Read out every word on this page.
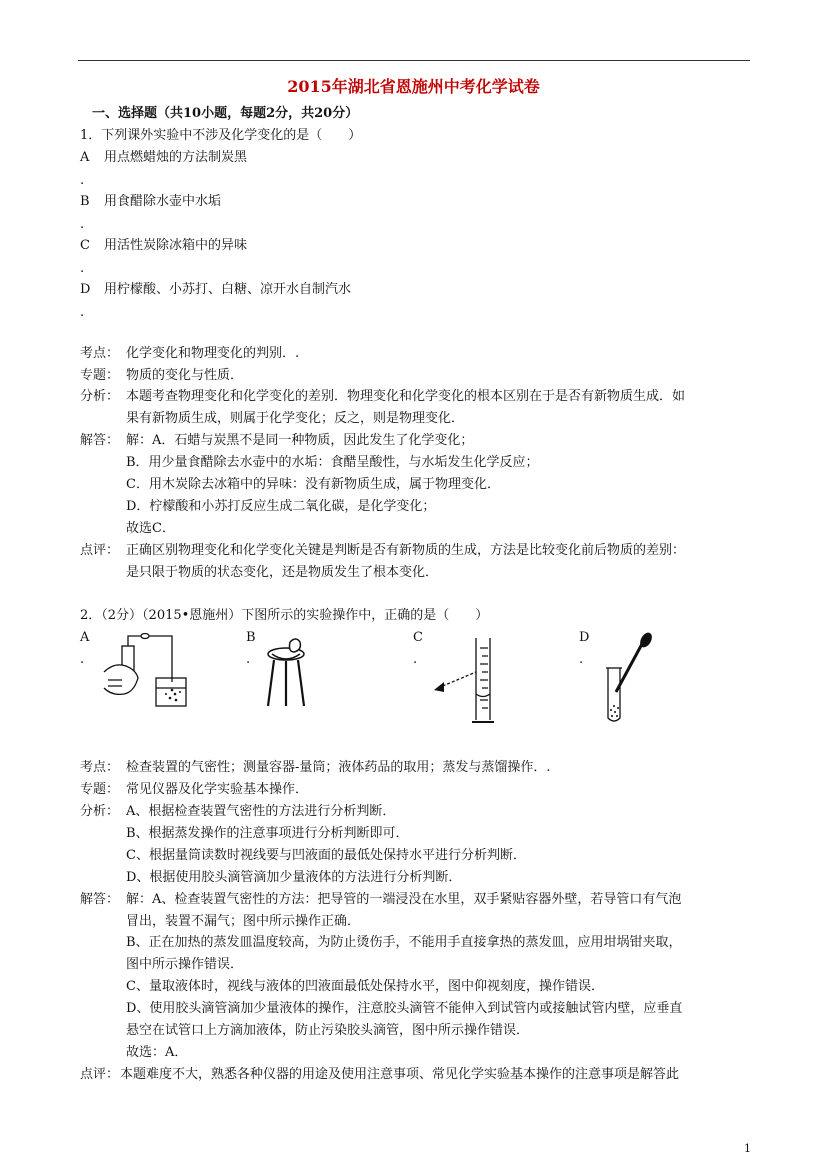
2015年湖北省恩施州中考化学试卷
一、选择题（共10小题，每题2分，共20分）
1．下列课外实验中不涉及化学变化的是（　　）
A 用点燃蜡烛的方法制炭黑
.
B 用食醋除水壶中水垢
.
C 用活性炭除冰箱中的异味
.
D 用柠檬酸、小苏打、白糖、凉开水自制汽水
.
考点： 化学变化和物理变化的判别．.
专题： 物质的变化与性质．
分析： 本题考查物理变化和化学变化的差别．物理变化和化学变化的根本区别在于是否有新物质生成．如
果有新物质生成，则属于化学变化；反之，则是物理变化．
解答： 解：A．石蜡与炭黑不是同一种物质，因此发生了化学变化；
B．用少量食醋除去水壶中的水垢：食醋呈酸性，与水垢发生化学反应；
C．用木炭除去冰箱中的异味：没有新物质生成，属于物理变化．
D．柠檬酸和小苏打反应生成二氧化碳，是化学变化；
故选C．
点评： 正确区别物理变化和化学变化关键是判断是否有新物质的生成，方法是比较变化前后物质的差别：
是只限于物质的状态变化，还是物质发生了根本变化．
2．（2分）（2015•恩施州）下图所示的实验操作中，正确的是（　　）
A
.
B
.
C
.
D
.
考点： 检查装置的气密性；测量容器-量筒；液体药品的取用；蒸发与蒸馏操作．.
专题： 常见仪器及化学实验基本操作．
分析： A、根据检查装置气密性的方法进行分析判断．
B、根据蒸发操作的注意事项进行分析判断即可．
C、根据量筒读数时视线要与凹液面的最低处保持水平进行分析判断．
D、根据使用胶头滴管滴加少量液体的方法进行分析判断．
解答： 解：A、检查装置气密性的方法：把导管的一端浸没在水里，双手紧贴容器外壁，若导管口有气泡
冒出，装置不漏气；图中所示操作正确．
B、正在加热的蒸发皿温度较高，为防止烫伤手，不能用手直接拿热的蒸发皿，应用坩埚钳夹取，
图中所示操作错误．
C、量取液体时，视线与液体的凹液面最低处保持水平，图中仰视刻度，操作错误．
D、使用胶头滴管滴加少量液体的操作，注意胶头滴管不能伸入到试管内或接触试管内壁，应垂直
悬空在试管口上方滴加液体，防止污染胶头滴管，图中所示操作错误．
故选：A．
点评： 本题难度不大，熟悉各种仪器的用途及使用注意事项、常见化学实验基本操作的注意事项是解答此
1
